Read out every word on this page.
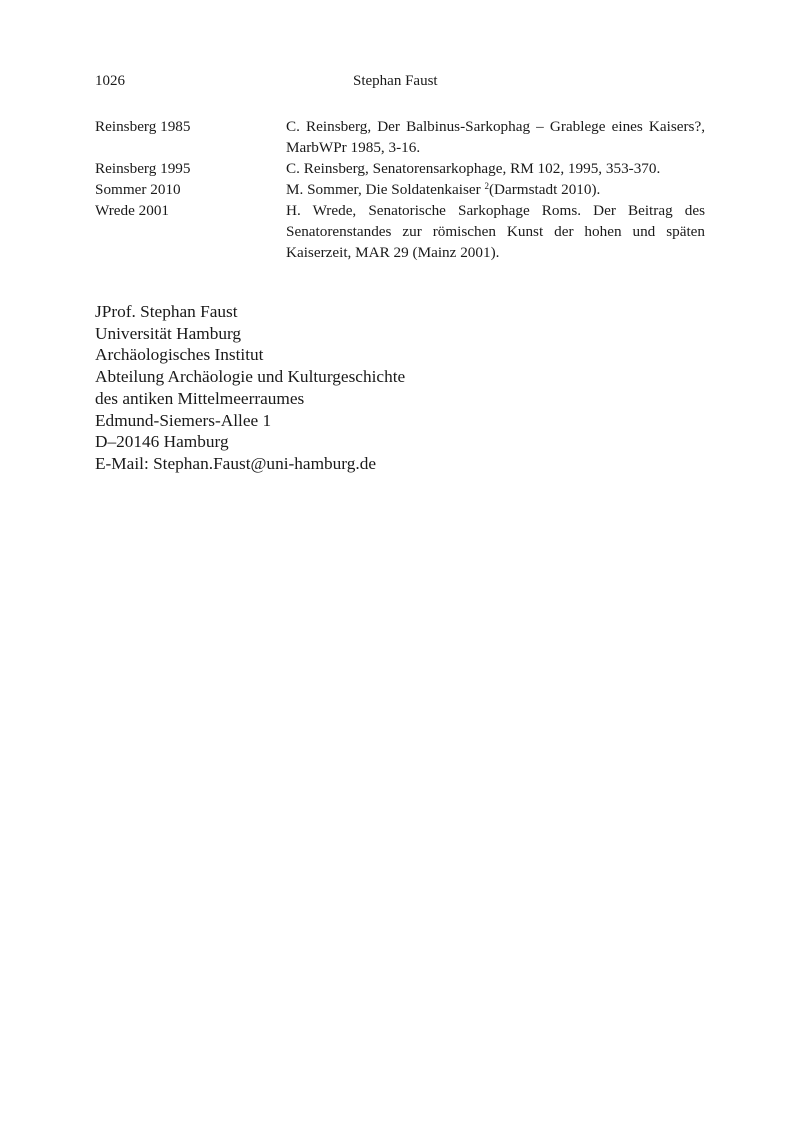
1026	Stephan Faust
Reinsberg 1985	C. Reinsberg, Der Balbinus-Sarkophag – Grablege eines Kaisers?, MarbWPr 1985, 3-16.
Reinsberg 1995	C. Reinsberg, Senatorensarkophage, RM 102, 1995, 353-370.
Sommer 2010	M. Sommer, Die Soldatenkaiser $^2$(Darmstadt 2010).
Wrede 2001	H. Wrede, Senatorische Sarkophage Roms. Der Beitrag des Senatorenstandes zur römischen Kunst der hohen und späten Kaiserzeit, MAR 29 (Mainz 2001).
JProf. Stephan Faust
Universität Hamburg
Archäologisches Institut
Abteilung Archäologie und Kulturgeschichte
des antiken Mittelmeerraumes
Edmund-Siemers-Allee 1
D–20146 Hamburg
E-Mail: Stephan.Faust@uni-hamburg.de
